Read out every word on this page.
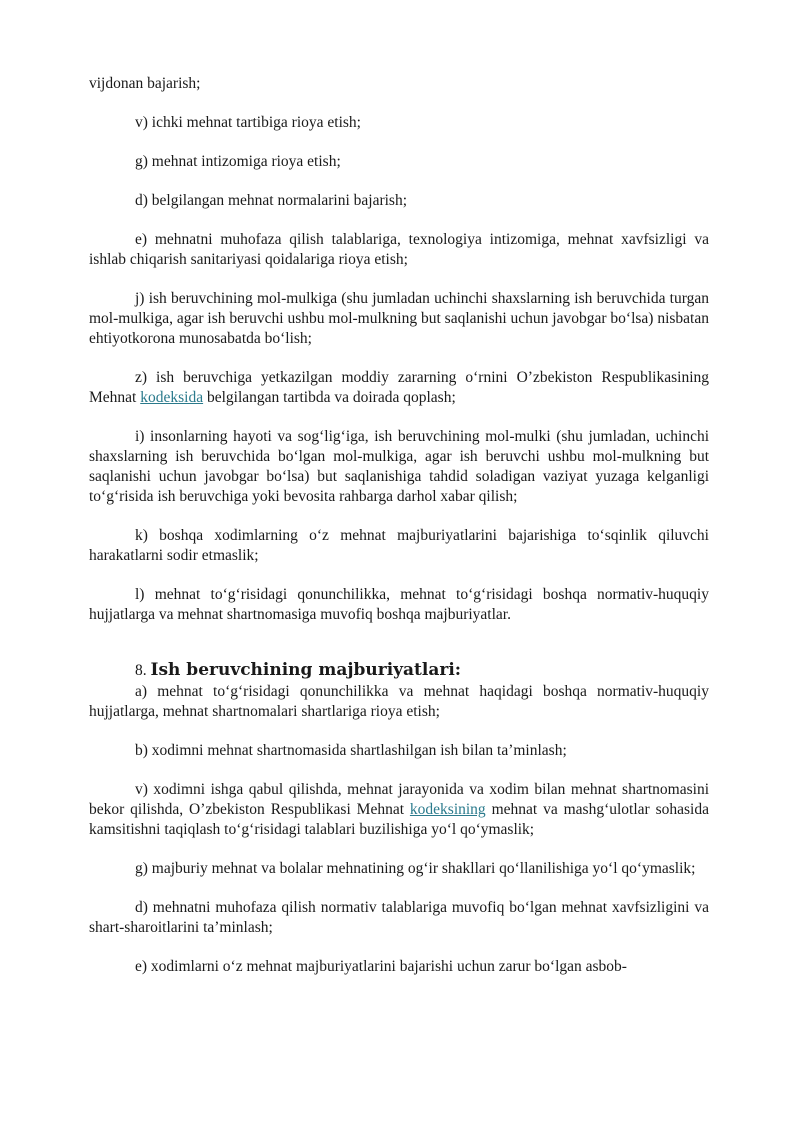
vijdonan bajarish;

v) ichki mehnat tartibiga rioya etish;

g) mehnat intizomiga rioya etish;

d) belgilangan mehnat normalarini bajarish;

e) mehnatni muhofaza qilish talablariga, texnologiya intizomiga, mehnat xavfsizligi va ishlab chiqarish sanitariyasi qoidalariga rioya etish;

j) ish beruvchining mol-mulkiga (shu jumladan uchinchi shaxslarning ish beruvchida turgan mol-mulkiga, agar ish beruvchi ushbu mol-mulkning but saqlanishi uchun javobgar bo‘lsa) nisbatan ehtiyotkorona munosabatda bo‘lish;

z) ish beruvchiga yetkazilgan moddiy zararning o‘rnini O’zbekiston Respublikasining Mehnat kodeksida belgilangan tartibda va doirada qoplash;

i) insonlarning hayoti va sog‘lig‘iga, ish beruvchining mol-mulki (shu jumladan, uchinchi shaxslarning ish beruvchida bo‘lgan mol-mulkiga, agar ish beruvchi ushbu mol-mulkning but saqlanishi uchun javobgar bo‘lsa) but saqlanishiga tahdid soladigan vaziyat yuzaga kelganligi to‘g‘risida ish beruvchiga yoki bevosita rahbarga darhol xabar qilish;

k) boshqa xodimlarning o‘z mehnat majburiyatlarini bajarishiga to‘sqinlik qiluvchi harakatlarni sodir etmaslik;

l) mehnat to‘g‘risidagi qonunchilikka, mehnat to‘g‘risidagi boshqa normativ-huquqiy hujjatlarga va mehnat shartnomasiga muvofiq boshqa majburiyatlar.

8. Ish beruvchining majburiyatlari:

a) mehnat to‘g‘risidagi qonunchilikka va mehnat haqidagi boshqa normativ-huquqiy hujjatlarga, mehnat shartnomalari shartlariga rioya etish;

b) xodimni mehnat shartnomasida shartlashilgan ish bilan ta’minlash;

v) xodimni ishga qabul qilishda, mehnat jarayonida va xodim bilan mehnat shartnomasini bekor qilishda, O’zbekiston Respublikasi Mehnat kodeksining mehnat va mashg‘ulotlar sohasida kamsitishni taqiqlash to‘g‘risidagi talablari buzilishiga yo‘l qo‘ymaslik;

g) majburiy mehnat va bolalar mehnatining og‘ir shakllari qo‘llanilishiga yo‘l qo‘ymaslik;

d) mehnatni muhofaza qilish normativ talablariga muvofiq bo‘lgan mehnat xavfsizligini va shart-sharoitlarini ta’minlash;

e) xodimlarni o‘z mehnat majburiyatlarini bajarishi uchun zarur bo‘lgan asbob-
